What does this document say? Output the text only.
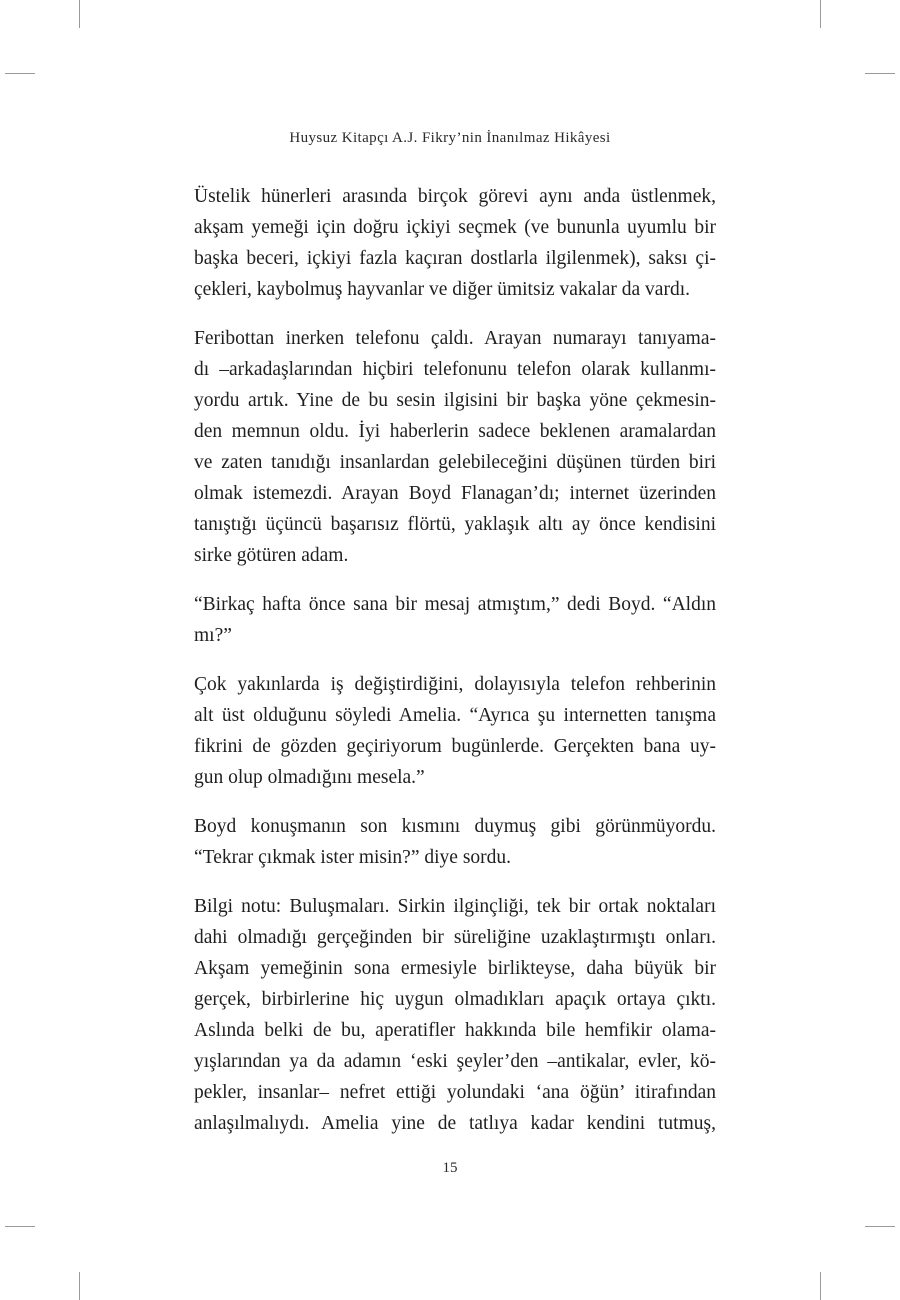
Huysuz Kitapçı A.J. Fikry’nin İnanılmaz Hikâyesi

Üstelik hünerleri arasında birçok görevi aynı anda üstlenmek,
akşam yemeği için doğru içkiyi seçmek (ve bununla uyumlu bir
başka beceri, içkiyi fazla kaçıran dostlarla ilgilenmek), saksı çi-
çekleri, kaybolmuş hayvanlar ve diğer ümitsiz vakalar da vardı.

Feribottan inerken telefonu çaldı. Arayan numarayı tanıyama-
dı –arkadaşlarından hiçbiri telefonunu telefon olarak kullanmı-
yordu artık. Yine de bu sesin ilgisini bir başka yöne çekmesin-
den memnun oldu. İyi haberlerin sadece beklenen aramalardan
ve zaten tanıdığı insanlardan gelebileceğini düşünen türden biri
olmak istemezdi. Arayan Boyd Flanagan’dı; internet üzerinden
tanıştığı üçüncü başarısız flörtü, yaklaşık altı ay önce kendisini
sirke götüren adam.

“Birkaç hafta önce sana bir mesaj atmıştım,” dedi Boyd. “Aldın
mı?”

Çok yakınlarda iş değiştirdiğini, dolayısıyla telefon rehberinin
alt üst olduğunu söyledi Amelia. “Ayrıca şu internetten tanışma
fikrini de gözden geçiriyorum bugünlerde. Gerçekten bana uy-
gun olup olmadığını mesela.”

Boyd konuşmanın son kısmını duymuş gibi görünmüyordu.
“Tekrar çıkmak ister misin?” diye sordu.

Bilgi notu: Buluşmaları. Sirkin ilginçliği, tek bir ortak noktaları
dahi olmadığı gerçeğinden bir süreliğine uzaklaştırmıştı onları.
Akşam yemeğinin sona ermesiyle birlikteyse, daha büyük bir
gerçek, birbirlerine hiç uygun olmadıkları apaçık ortaya çıktı.
Aslında belki de bu, aperatifler hakkında bile hemfikir olama-
yışlarından ya da adamın ‘eski şeyler’den –antikalar, evler, kö-
pekler, insanlar– nefret ettiği yolundaki ‘ana öğün’ itirafından
anlaşılmalıydı. Amelia yine de tatlıya kadar kendini tutmuş,

15
